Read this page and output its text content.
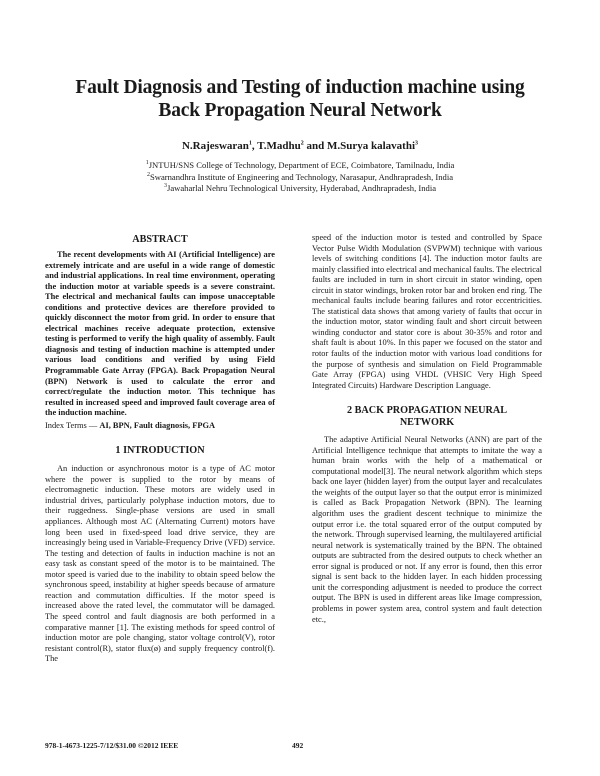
Fault Diagnosis and Testing of induction machine using
Back Propagation Neural Network
N.Rajeswaran$^1$, T.Madhu$^2$ and M.Surya kalavathi$^3$
$^1$JNTUH/SNS College of Technology, Department of ECE, Coimbatore, Tamilnadu, India
$^2$Swarnandhra Institute of Engineering and Technology, Narasapur, Andhrapradesh, India
$^3$Jawaharlal Nehru Technological University, Hyderabad, Andhrapradesh, India
ABSTRACT

The recent developments with AI (Artificial Intelligence) are extremely intricate and are useful in a wide range of domestic and industrial applications. In real time environment, operating the induction motor at variable speeds is a severe constraint. The electrical and mechanical faults can impose unacceptable conditions and protective devices are therefore provided to quickly disconnect the motor from grid. In order to ensure that electrical machines receive adequate protection, extensive testing is performed to verify the high quality of assembly. Fault diagnosis and testing of induction machine is attempted under various load conditions and verified by using Field Programmable Gate Array (FPGA). Back Propagation Neural (BPN) Network is used to calculate the error and correct/regulate the induction motor. This technique has resulted in increased speed and improved fault coverage area of the induction machine.

Index Terms — AI, BPN, Fault diagnosis, FPGA

1 INTRODUCTION

An induction or asynchronous motor is a type of AC motor where the power is supplied to the rotor by means of electromagnetic induction. These motors are widely used in industrial drives, particularly polyphase induction motors, due to their ruggedness. Single-phase versions are used in small appliances. Although most AC (Alternating Current) motors have long been used in fixed-speed load drive service, they are increasingly being used in Variable-Frequency Drive (VFD) service. The testing and detection of faults in induction machine is not an easy task as constant speed of the motor is to be maintained. The motor speed is varied due to the inability to obtain speed below the synchronous speed, instability at higher speeds because of armature reaction and commutation difficulties. If the motor speed is increased above the rated level, the commutator will be damaged. The speed control and fault diagnosis are both performed in a comparative manner [1]. The existing methods for speed control of induction motor are pole changing, stator voltage control(V), rotor resistant control(R), stator flux(ø) and supply frequency control(f). The

speed of the induction motor is tested and controlled by Space Vector Pulse Width Modulation (SVPWM) technique with various levels of switching conditions [4]. The induction motor faults are mainly classified into electrical and mechanical faults. The electrical faults are included in turn in short circuit in stator winding, open circuit in stator windings, broken rotor bar and broken end ring. The mechanical faults include bearing failures and rotor eccentricities. The statistical data shows that among variety of faults that occur in the induction motor, stator winding fault and short circuit between winding conductor and stator core is about 30-35% and rotor and shaft fault is about 10%. In this paper we focused on the stator and rotor faults of the induction motor with various load conditions for the purpose of synthesis and simulation on Field Programmable Gate Array (FPGA) using VHDL (VHSIC Very High Speed Integrated Circuits) Hardware Description Language.

2 BACK PROPAGATION NEURAL
NETWORK

The adaptive Artificial Neural Networks (ANN) are part of the Artificial Intelligence technique that attempts to imitate the way a human brain works with the help of a mathematical or computational model[3]. The neural network algorithm which steps back one layer (hidden layer) from the output layer and recalculates the weights of the output layer so that the output error is minimized is called as Back Propagation Network (BPN). The learning algorithm uses the gradient descent technique to minimize the output error i.e. the total squared error of the output computed by the network. Through supervised learning, the multilayered artificial neural network is systematically trained by the BPN. The obtained outputs are subtracted from the desired outputs to check whether an error signal is produced or not. If any error is found, then this error signal is sent back to the hidden layer. In each hidden processing unit the corresponding adjustment is needed to produce the correct output. The BPN is used in different areas like Image compression, problems in power system area, control system and fault detection etc.,

978-1-4673-1225-7/12/$31.00 ©2012 IEEE	492
